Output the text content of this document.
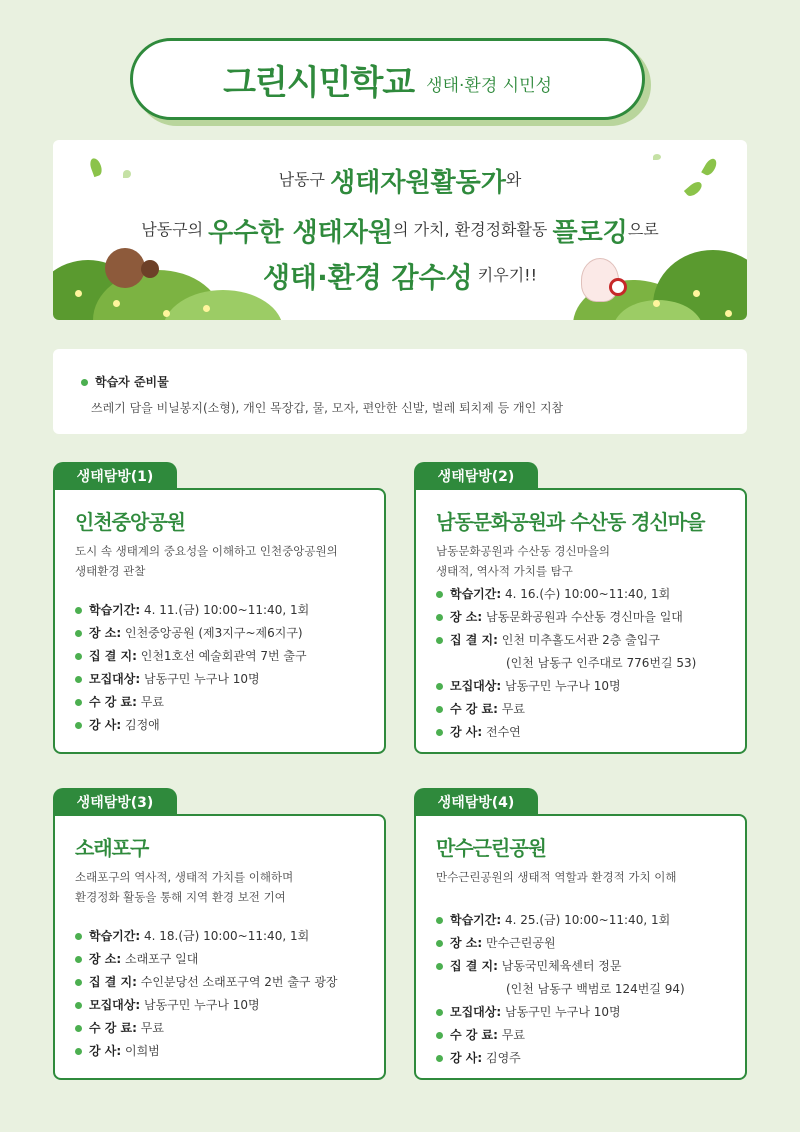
그린시민학교 생태·환경 시민성
남동구 생태자원활동가와
남동구의 우수한 생태자원의 가치, 환경정화활동 플로깅으로
생태·환경 감수성 키우기!!
학습자 준비물
쓰레기 담을 비닐봉지(소형), 개인 목장갑, 물, 모자, 편안한 신발, 벌레 퇴치제 등 개인 지참
생태탐방(1)
인천중앙공원
도시 속 생태계의 중요성을 이해하고 인천중앙공원의
생태환경 관찰
학습기간: 4. 11.(금) 10:00~11:40, 1회
장 소: 인천중앙공원 (제3지구~제6지구)
집 결 지: 인천1호선 예술회관역 7번 출구
모집대상: 남동구민 누구나 10명
수 강 료: 무료
강 사: 김정애
생태탐방(2)
남동문화공원과 수산동 경신마을
남동문화공원과 수산동 경신마을의
생태적, 역사적 가치를 탐구
학습기간: 4. 16.(수) 10:00~11:40, 1회
장 소: 남동문화공원과 수산동 경신마을 일대
집 결 지: 인천 미추홀도서관 2층 출입구
(인천 남동구 인주대로 776번길 53)
모집대상: 남동구민 누구나 10명
수 강 료: 무료
강 사: 전수연
생태탐방(3)
소래포구
소래포구의 역사적, 생태적 가치를 이해하며
환경정화 활동을 통해 지역 환경 보전 기여
학습기간: 4. 18.(금) 10:00~11:40, 1회
장 소: 소래포구 일대
집 결 지: 수인분당선 소래포구역 2번 출구 광장
모집대상: 남동구민 누구나 10명
수 강 료: 무료
강 사: 이희범
생태탐방(4)
만수근린공원
만수근린공원의 생태적 역할과 환경적 가치 이해
학습기간: 4. 25.(금) 10:00~11:40, 1회
장 소: 만수근린공원
집 결 지: 남동국민체육센터 정문
(인천 남동구 백범로 124번길 94)
모집대상: 남동구민 누구나 10명
수 강 료: 무료
강 사: 김영주
